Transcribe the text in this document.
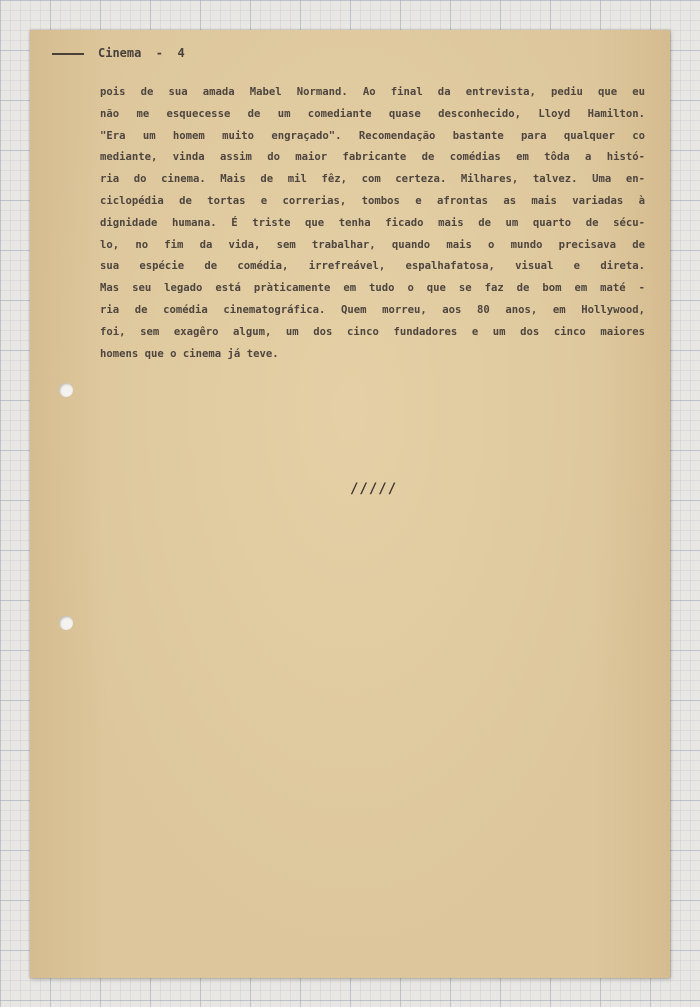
Cinema  -  4
pois de sua amada Mabel Normand. Ao final da entrevista, pediu que eu
não me esquecesse de um comediante quase desconhecido, Lloyd Hamilton.
"Era um homem muito engraçado". Recomendação bastante para qualquer co
mediante, vinda assim do maior fabricante de comédias em tôda a histó-
ria do cinema. Mais de mil fêz, com certeza. Milhares, talvez. Uma en-
ciclopédia de tortas e correrias, tombos e afrontas as mais variadas à
dignidade humana. É triste que tenha ficado mais de um quarto de sécu-
lo, no fim da vida, sem trabalhar, quando mais o mundo precisava de
sua espécie de comédia, irrefreável, espalhafatosa, visual e direta.
Mas seu legado está pràticamente em tudo o que se faz de bom em maté -
ria de comédia cinematográfica. Quem morreu, aos 80 anos, em Hollywood,
foi, sem exagêro algum, um dos cinco fundadores e um dos cinco maiores
homens que o cinema já teve.
/////
